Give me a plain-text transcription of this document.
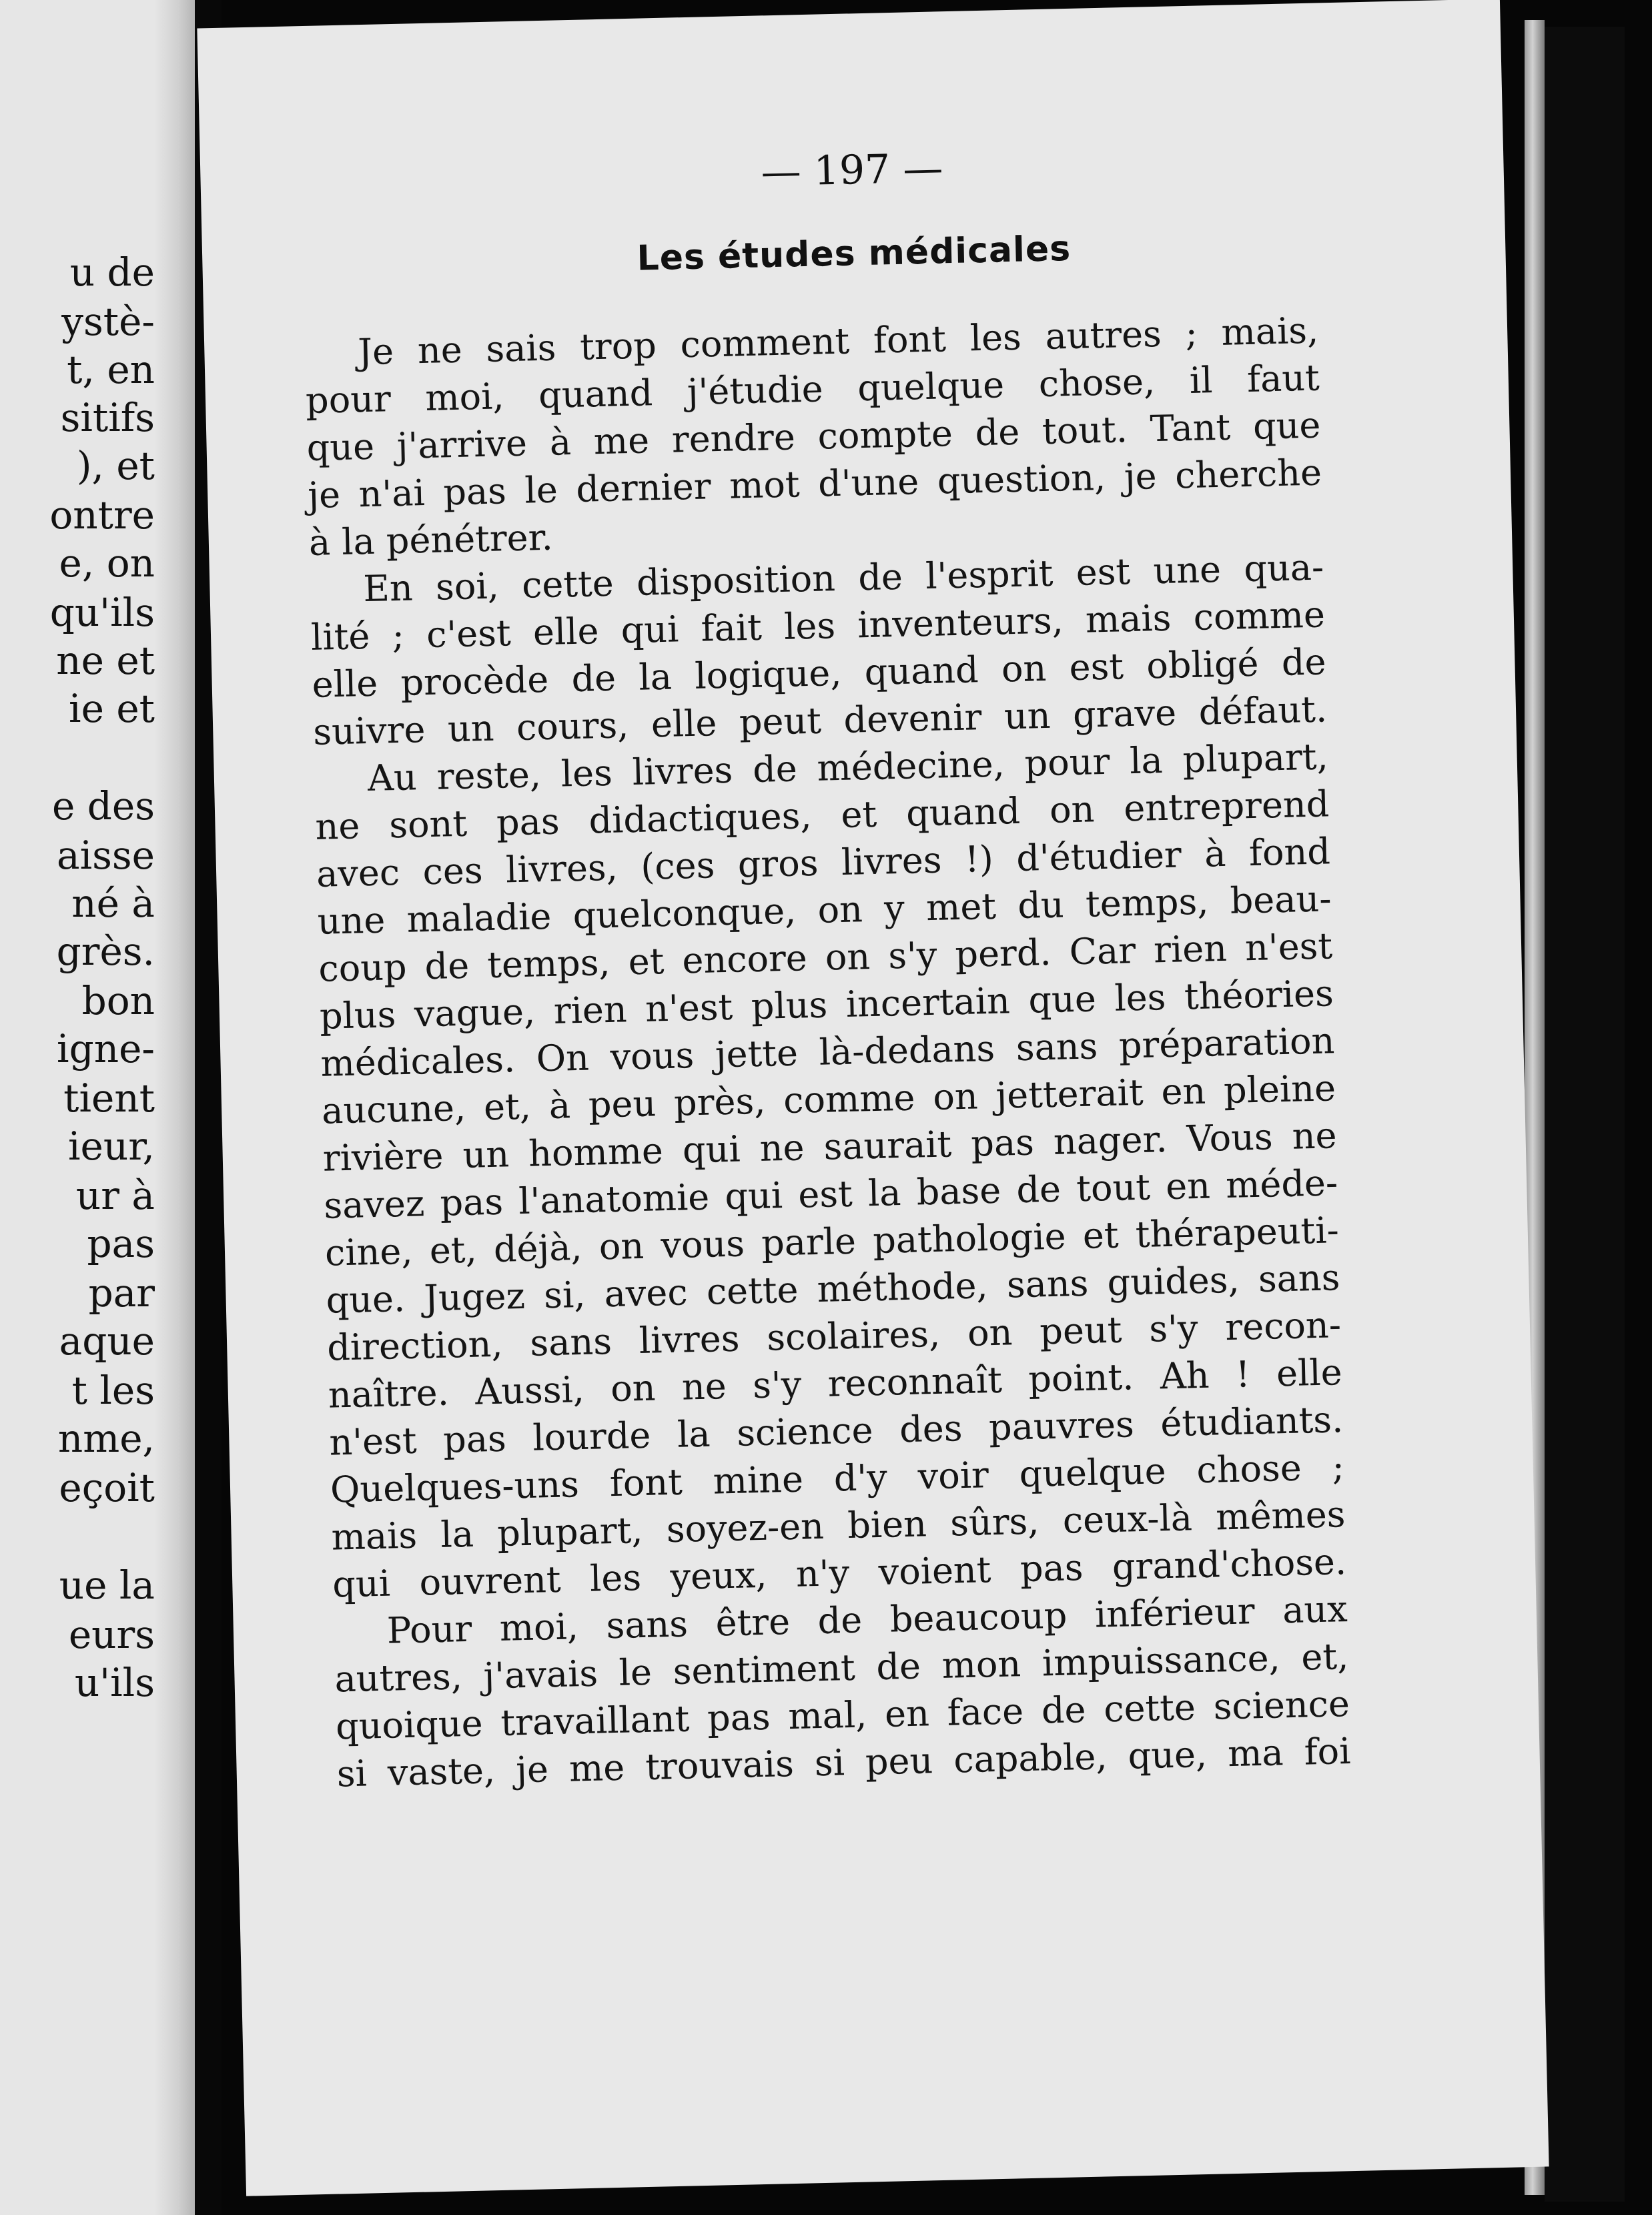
u de
ystè-
t, en
sitifs
), et
ontre
e, on
qu'ils
ne et
ie et
e des
aisse
né à
grès.
bon
igne-
tient
ieur,
ur à
pas
par
aque
t les
nme,
eçoit
ue la
eurs
u'ils
— 197 —
Les études médicales
Je ne sais trop comment font les autres ; mais,
pour moi, quand j'étudie quelque chose, il faut
que j'arrive à me rendre compte de tout. Tant que
je n'ai pas le dernier mot d'une question, je cherche
à la pénétrer.
En soi, cette disposition de l'esprit est une qua-
lité ; c'est elle qui fait les inventeurs, mais comme
elle procède de la logique, quand on est obligé de
suivre un cours, elle peut devenir un grave défaut.
Au reste, les livres de médecine, pour la plupart,
ne sont pas didactiques, et quand on entreprend
avec ces livres, (ces gros livres !) d'étudier à fond
une maladie quelconque, on y met du temps, beau-
coup de temps, et encore on s'y perd. Car rien n'est
plus vague, rien n'est plus incertain que les théories
médicales. On vous jette là-dedans sans préparation
aucune, et, à peu près, comme on jetterait en pleine
rivière un homme qui ne saurait pas nager. Vous ne
savez pas l'anatomie qui est la base de tout en méde-
cine, et, déjà, on vous parle pathologie et thérapeuti-
que. Jugez si, avec cette méthode, sans guides, sans
direction, sans livres scolaires, on peut s'y recon-
naître. Aussi, on ne s'y reconnaît point. Ah ! elle
n'est pas lourde la science des pauvres étudiants.
Quelques-uns font mine d'y voir quelque chose ;
mais la plupart, soyez-en bien sûrs, ceux-là mêmes
qui ouvrent les yeux, n'y voient pas grand'chose.
Pour moi, sans être de beaucoup inférieur aux
autres, j'avais le sentiment de mon impuissance, et,
quoique travaillant pas mal, en face de cette science
si vaste, je me trouvais si peu capable, que, ma foi
